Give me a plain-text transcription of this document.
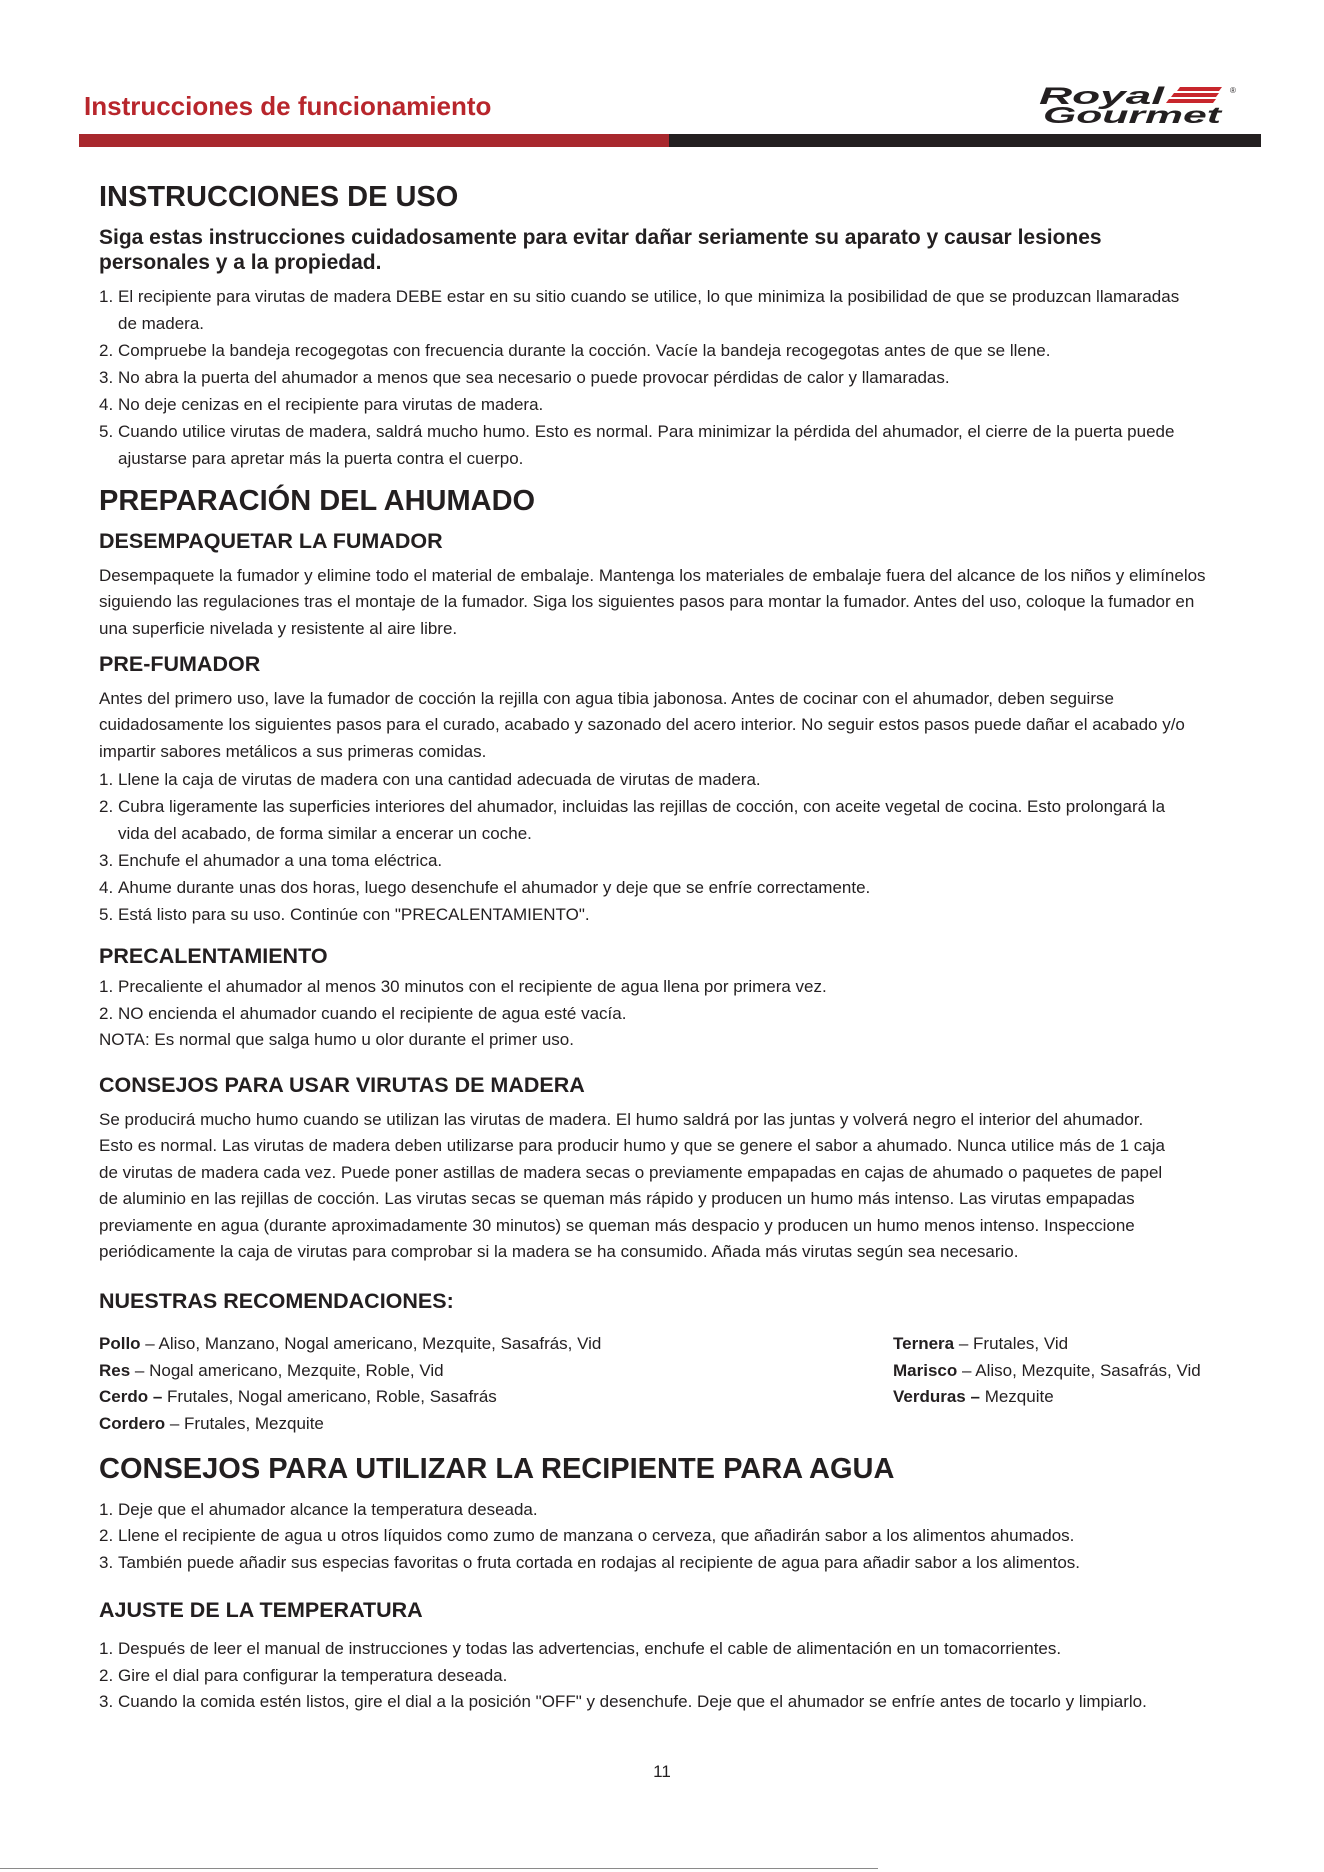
Instrucciones de funcionamiento	Royal
Gourmet
®
INSTRUCCIONES DE USO
Siga estas instrucciones cuidadosamente para evitar dañar seriamente su aparato y causar lesiones
personales y a la propiedad.
1. El recipiente para virutas de madera DEBE estar en su sitio cuando se utilice, lo que minimiza la posibilidad de que se produzcan llamaradas
de madera.
2. Compruebe la bandeja recogegotas con frecuencia durante la cocción. Vacíe la bandeja recogegotas antes de que se llene.
3. No abra la puerta del ahumador a menos que sea necesario o puede provocar pérdidas de calor y llamaradas.
4. No deje cenizas en el recipiente para virutas de madera.
5. Cuando utilice virutas de madera, saldrá mucho humo. Esto es normal. Para minimizar la pérdida del ahumador, el cierre de la puerta puede
ajustarse para apretar más la puerta contra el cuerpo.
PREPARACIÓN DEL AHUMADO
DESEMPAQUETAR LA FUMADOR
Desempaquete la fumador y elimine todo el material de embalaje. Mantenga los materiales de embalaje fuera del alcance de los niños y elimínelos
siguiendo las regulaciones tras el montaje de la fumador. Siga los siguientes pasos para montar la fumador. Antes del uso, coloque la fumador en
una superficie nivelada y resistente al aire libre.
PRE-FUMADOR
Antes del primero uso, lave la fumador de cocción la rejilla con agua tibia jabonosa. Antes de cocinar con el ahumador, deben seguirse
cuidadosamente los siguientes pasos para el curado, acabado y sazonado del acero interior. No seguir estos pasos puede dañar el acabado y/o
impartir sabores metálicos a sus primeras comidas.
1. Llene la caja de virutas de madera con una cantidad adecuada de virutas de madera.
2. Cubra ligeramente las superficies interiores del ahumador, incluidas las rejillas de cocción, con aceite vegetal de cocina. Esto prolongará la
vida del acabado, de forma similar a encerar un coche.
3. Enchufe el ahumador a una toma eléctrica.
4. Ahume durante unas dos horas, luego desenchufe el ahumador y deje que se enfríe correctamente.
5. Está listo para su uso. Continúe con "PRECALENTAMIENTO".
PRECALENTAMIENTO
1. Precaliente el ahumador al menos 30 minutos con el recipiente de agua llena por primera vez.
2. NO encienda el ahumador cuando el recipiente de agua esté vacía.
NOTA: Es normal que salga humo u olor durante el primer uso.
CONSEJOS PARA USAR VIRUTAS DE MADERA
Se producirá mucho humo cuando se utilizan las virutas de madera. El humo saldrá por las juntas y volverá negro el interior del ahumador.
Esto es normal. Las virutas de madera deben utilizarse para producir humo y que se genere el sabor a ahumado. Nunca utilice más de 1 caja
de virutas de madera cada vez. Puede poner astillas de madera secas o previamente empapadas en cajas de ahumado o paquetes de papel
de aluminio en las rejillas de cocción. Las virutas secas se queman más rápido y producen un humo más intenso. Las virutas empapadas
previamente en agua (durante aproximadamente 30 minutos) se queman más despacio y producen un humo menos intenso. Inspeccione
periódicamente la caja de virutas para comprobar si la madera se ha consumido. Añada más virutas según sea necesario.
NUESTRAS RECOMENDACIONES:
Pollo – Aliso, Manzano, Nogal americano, Mezquite, Sasafrás, Vid
Res – Nogal americano, Mezquite, Roble, Vid
Cerdo – Frutales, Nogal americano, Roble, Sasafrás
Cordero – Frutales, Mezquite
Ternera – Frutales, Vid
Marisco – Aliso, Mezquite, Sasafrás, Vid
Verduras – Mezquite
CONSEJOS PARA UTILIZAR LA RECIPIENTE PARA AGUA
1. Deje que el ahumador alcance la temperatura deseada.
2. Llene el recipiente de agua u otros líquidos como zumo de manzana o cerveza, que añadirán sabor a los alimentos ahumados.
3. También puede añadir sus especias favoritas o fruta cortada en rodajas al recipiente de agua para añadir sabor a los alimentos.
AJUSTE DE LA TEMPERATURA
1. Después de leer el manual de instrucciones y todas las advertencias, enchufe el cable de alimentación en un tomacorrientes.
2. Gire el dial para configurar la temperatura deseada.
3. Cuando la comida estén listos, gire el dial a la posición "OFF" y desenchufe. Deje que el ahumador se enfríe antes de tocarlo y limpiarlo.
11
